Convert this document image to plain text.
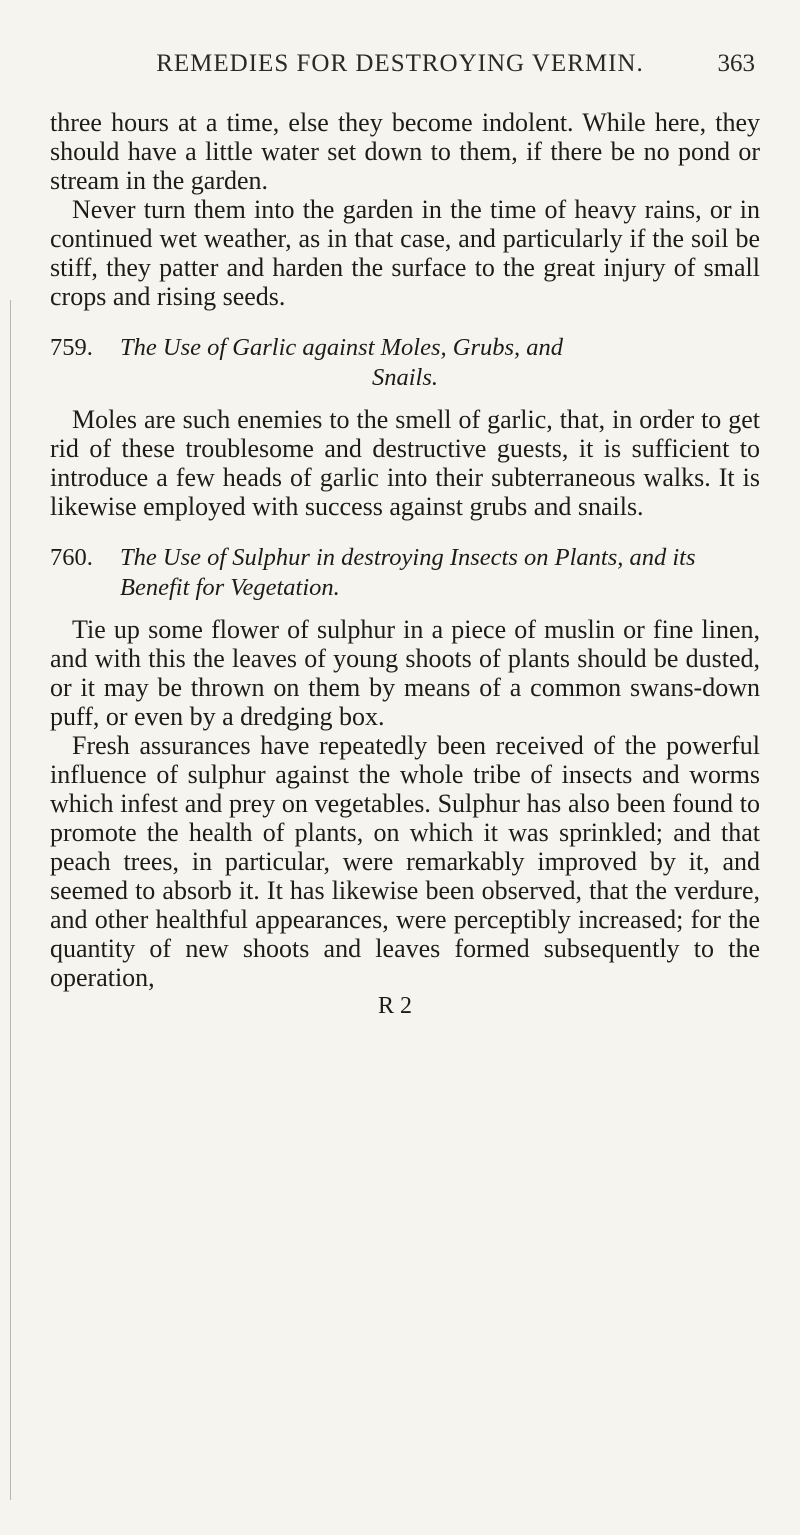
REMEDIES FOR DESTROYING VERMIN.	363

three hours at a time, else they become indolent. While here, they should have a little water set down to them, if there be no pond or stream in the garden.

Never turn them into the garden in the time of heavy rains, or in continued wet weather, as in that case, and particularly if the soil be stiff, they patter and harden the surface to the great injury of small crops and rising seeds.

759. The Use of Garlic against Moles, Grubs, and

Snails.

Moles are such enemies to the smell of garlic, that, in order to get rid of these troublesome and destructive guests, it is sufficient to introduce a few heads of garlic into their subterraneous walks. It is likewise employed with success against grubs and snails.

760. The Use of Sulphur in destroying Insects on Plants, and its Benefit for Vegetation.

Tie up some flower of sulphur in a piece of muslin or fine linen, and with this the leaves of young shoots of plants should be dusted, or it may be thrown on them by means of a common swans-down puff, or even by a dredging box.

Fresh assurances have repeatedly been received of the powerful influence of sulphur against the whole tribe of insects and worms which infest and prey on vegetables. Sulphur has also been found to promote the health of plants, on which it was sprinkled; and that peach trees, in particular, were remarkably improved by it, and seemed to absorb it. It has likewise been observed, that the verdure, and other healthful appearances, were perceptibly increased; for the quantity of new shoots and leaves formed subsequently to the operation,

R 2
